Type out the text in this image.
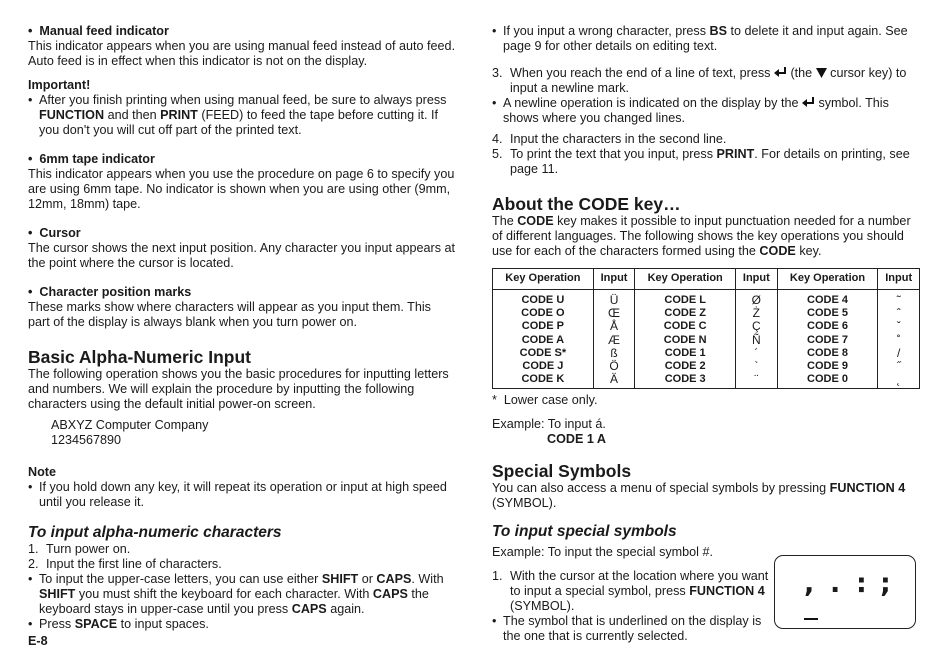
• Manual feed indicator

This indicator appears when you are using manual feed instead of auto feed. Auto feed is in effect when this indicator is not on the display.

Important!

• After you finish printing when using manual feed, be sure to always press FUNCTION and then PRINT (FEED) to feed the tape before cutting it. If you don't you will cut off part of the printed text.

• 6mm tape indicator

This indicator appears when you use the procedure on page 6 to specify you are using 6mm tape. No indicator is shown when you are using other (9mm, 12mm, 18mm) tape.

• Cursor

The cursor shows the next input position. Any character you input appears at the point where the cursor is located.

• Character position marks

These marks show where characters will appear as you input them. This part of the display is always blank when you turn power on.

Basic Alpha-Numeric Input

The following operation shows you the basic procedures for inputting letters and numbers. We will explain the procedure by inputting the following characters using the default initial power-on screen.

ABXYZ Computer Company

1234567890

Note

• If you hold down any key, it will repeat its operation or input at high speed until you release it.

To input alpha-numeric characters

1. Turn power on.

2. Input the first line of characters.

• To input the upper-case letters, you can use either SHIFT or CAPS. With SHIFT you must shift the keyboard for each character. With CAPS the keyboard stays in upper-case until you press CAPS again.

• Press SPACE to input spaces.

E-8

• If you input a wrong character, press BS to delete it and input again. See page 9 for other details on editing text.

3. When you reach the end of a line of text, press (the cursor key) to input a newline mark.

• A newline operation is indicated on the display by the symbol. This shows where you changed lines.

4. Input the characters in the second line.

5. To print the text that you input, press PRINT. For details on printing, see page 11.

About the CODE key…

The CODE key makes it possible to input punctuation needed for a number of different languages. The following shows the key operations you should use for each of the characters formed using the CODE key.

Key Operation	Input	Key Operation	Input	Key Operation	Input
CODE U	Ü	CODE L	Ø	CODE 4	˜
CODE O	Œ	CODE Z	Ż	CODE 5	ˆ
CODE P	Å	CODE C	Ç	CODE 6	ˇ
CODE A	Æ	CODE N	Ñ	CODE 7	˚
CODE S*	ß	CODE 1	´	CODE 8	/
CODE J	Ö	CODE 2	`	CODE 9	˝
CODE K	Ä	CODE 3	¨	CODE 0	˛

*  Lower case only.

Example: To input á.

CODE 1 A

Special Symbols

You can also access a menu of special symbols by pressing FUNCTION 4 (SYMBOL).

To input special symbols

Example: To input the special symbol #.

1. With the cursor at the location where you want to input a special symbol, press FUNCTION 4 (SYMBOL).

• The symbol that is underlined on the display is the one that is currently selected.

, . : ;
